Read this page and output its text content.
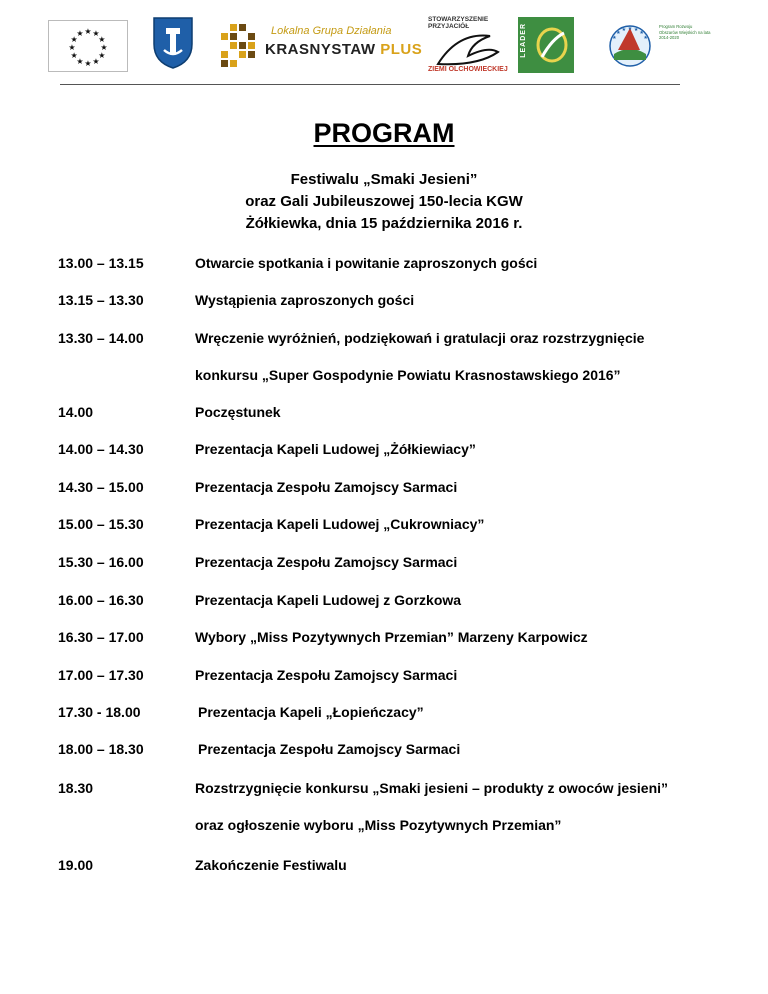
★ ★
★
★
★
★
★
★
★
★
★
★	Lokalna Grupa Działania
KRASNYSTAW PLUS
STOWARZYSZENIE PRZYJACIÓŁ
ZIEMI OLCHOWIECKIEJ
LEADER	★
★
★ ★ ★
★
★
Program Rozwoju Obszarów Wiejskich na lata 2014-2020
PROGRAM
Festiwalu „Smaki Jesieni”
oraz Gali Jubileuszowej 150-lecia KGW
Żółkiewka, dnia 15 października 2016 r.
13.00 – 13.15	Otwarcie spotkania i powitanie zaproszonych gości
13.15 – 13.30	Wystąpienia zaproszonych gości
13.30 – 14.00	Wręczenie wyróżnień, podziękowań i gratulacji oraz rozstrzygnięcie
konkursu „Super Gospodynie Powiatu Krasnostawskiego 2016”
14.00	Poczęstunek
14.00 – 14.30	Prezentacja Kapeli Ludowej „Żółkiewiacy”
14.30 – 15.00	Prezentacja Zespołu Zamojscy Sarmaci
15.00 – 15.30	Prezentacja Kapeli Ludowej „Cukrowniacy”
15.30 – 16.00	Prezentacja Zespołu Zamojscy Sarmaci
16.00 – 16.30	Prezentacja Kapeli Ludowej z Gorzkowa
16.30 – 17.00	Wybory „Miss Pozytywnych Przemian” Marzeny Karpowicz
17.00 – 17.30	Prezentacja Zespołu Zamojscy Sarmaci
17.30 - 18.00	Prezentacja Kapeli „Łopieńczacy”
18.00 – 18.30	Prezentacja Zespołu Zamojscy Sarmaci
18.30	Rozstrzygnięcie konkursu „Smaki jesieni – produkty z owoców jesieni”
oraz ogłoszenie wyboru „Miss Pozytywnych Przemian”
19.00	Zakończenie Festiwalu
